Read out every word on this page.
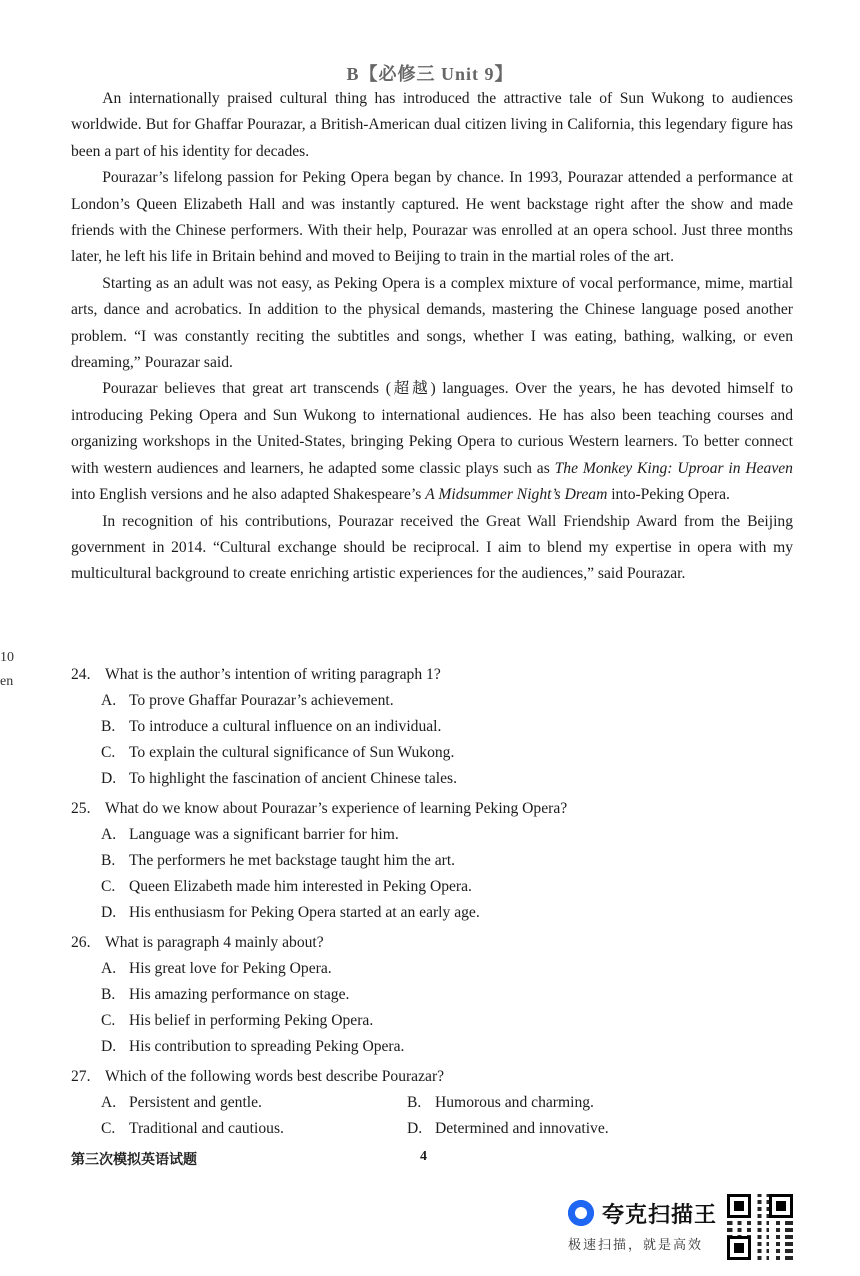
B【必修三 Unit 9】

An internationally praised cultural thing has introduced the attractive tale of Sun Wukong to audiences worldwide. But for Ghaffar Pourazar, a British-American dual citizen living in California, this legendary figure has been a part of his identity for decades.

Pourazar’s lifelong passion for Peking Opera began by chance. In 1993, Pourazar attended a performance at London’s Queen Elizabeth Hall and was instantly captured. He went backstage right after the show and made friends with the Chinese performers. With their help, Pourazar was enrolled at an opera school. Just three months later, he left his life in Britain behind and moved to Beijing to train in the martial roles of the art.

Starting as an adult was not easy, as Peking Opera is a complex mixture of vocal performance, mime, martial arts, dance and acrobatics. In addition to the physical demands, mastering the Chinese language posed another problem. “I was constantly reciting the subtitles and songs, whether I was eating, bathing, walking, or even dreaming,” Pourazar said.

Pourazar believes that great art transcends (超越) languages. Over the years, he has devoted himself to introducing Peking Opera and Sun Wukong to international audiences. He has also been teaching courses and organizing workshops in the United-States, bringing Peking Opera to curious Western learners. To better connect with western audiences and learners, he adapted some classic plays such as The Monkey King: Uproar in Heaven into English versions and he also adapted Shakespeare’s A Midsummer Night’s Dream into-Peking Opera.

In recognition of his contributions, Pourazar received the Great Wall Friendship Award from the Beijing government in 2014. “Cultural exchange should be reciprocal. I aim to blend my expertise in opera with my multicultural background to create enriching artistic experiences for the audiences,” said Pourazar.

10
en	24. What is the author’s intention of writing paragraph 1?
A. To prove Ghaffar Pourazar’s achievement.
B. To introduce a cultural influence on an individual.
C. To explain the cultural significance of Sun Wukong.
D. To highlight the fascination of ancient Chinese tales.
25. What do we know about Pourazar’s experience of learning Peking Opera?
A. Language was a significant barrier for him.
B. The performers he met backstage taught him the art.
C. Queen Elizabeth made him interested in Peking Opera.
D. His enthusiasm for Peking Opera started at an early age.
26. What is paragraph 4 mainly about?
A. His great love for Peking Opera.
B. His amazing performance on stage.
C. His belief in performing Peking Opera.
D. His contribution to spreading Peking Opera.
27. Which of the following words best describe Pourazar?
A. Persistent and gentle.	B. Humorous and charming.
C. Traditional and cautious.	D. Determined and innovative.
第三次模拟英语试题	4
夸克扫描王
极速扫描，就是高效
